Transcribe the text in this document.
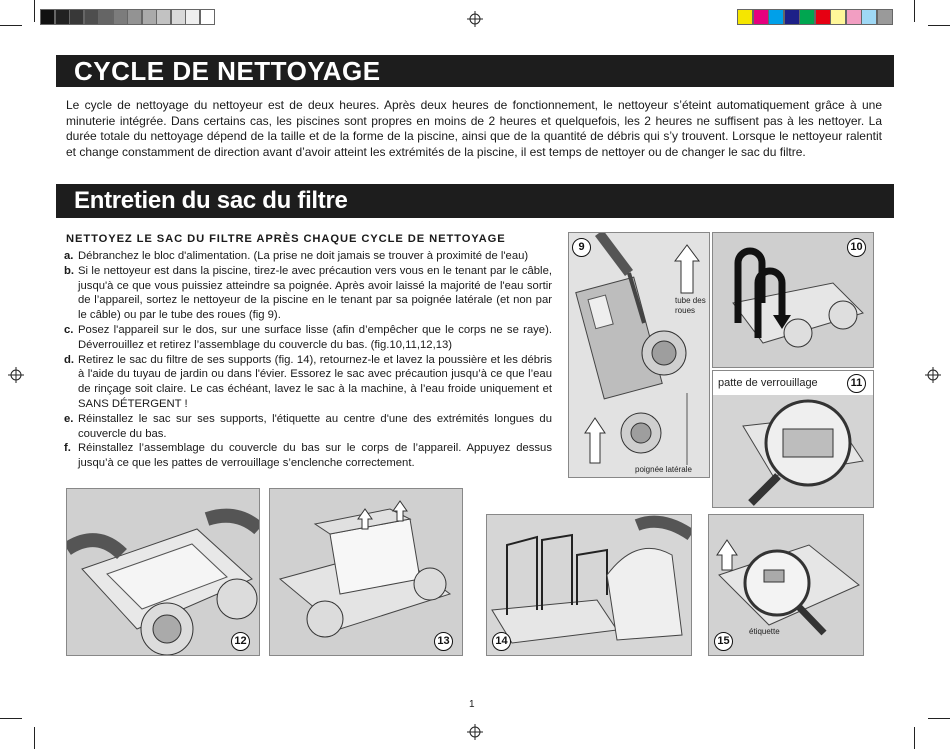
CYCLE DE NETTOYAGE

Le cycle de nettoyage du nettoyeur est de deux heures. Après deux heures de fonctionnement, le nettoyeur s’éteint automatiquement grâce à une minuterie intégrée. Dans certains cas, les piscines sont propres en moins de 2 heures et quelquefois, les 2 heures ne suffisent pas à les nettoyer. La durée totale du nettoyage dépend de la taille et de la forme de la piscine, ainsi que de la quantité de débris qui s’y trouvent. Lorsque le nettoyeur ralentit et change constamment de direction avant d’avoir atteint les extrémités de la piscine, il est temps de nettoyer ou de changer le sac du filtre.

Entretien du sac du filtre

NETTOYEZ LE SAC DU FILTRE APRÈS CHAQUE CYCLE DE NETTOYAGE

a. Débranchez le bloc d'alimentation. (La prise ne doit jamais se trouver à proximité de l'eau)
b. Si le nettoyeur est dans la piscine, tirez-le avec précaution vers vous en le tenant par le câble, jusqu'à ce que vous puissiez atteindre sa poignée. Après avoir laissé la majorité de l'eau sortir de l’appareil, sortez le nettoyeur de la piscine en le tenant par sa poignée latérale (et non par le câble) ou par le tube des roues (fig 9).
c. Posez l'appareil sur le dos, sur une surface lisse (afin d’empêcher que le corps ne se raye). Déverrouillez et retirez l’assemblage du couvercle du bas. (fig.10,11,12,13)
d. Retirez le sac du filtre de ses supports (fig. 14), retournez-le et lavez la poussière et les débris à l'aide du tuyau de jardin ou dans l'évier. Essorez le sac avec précaution jusqu’à ce que l’eau de rinçage soit claire. Le cas échéant, lavez le sac à la machine, à l’eau froide uniquement et SANS DÉTERGENT !
e. Réinstallez le sac sur ses supports, l'étiquette au centre d'une des extrémités longues du couvercle du bas.
f. Réinstallez l’assemblage du couvercle du bas sur le corps de l’appareil. Appuyez dessus jusqu’à ce que les pattes de verrouillage s’enclenche correctement.
9
tube des
roues
poignée latérale
10
patte de verrouillage	11
12	13	14
étiquette
15
1
